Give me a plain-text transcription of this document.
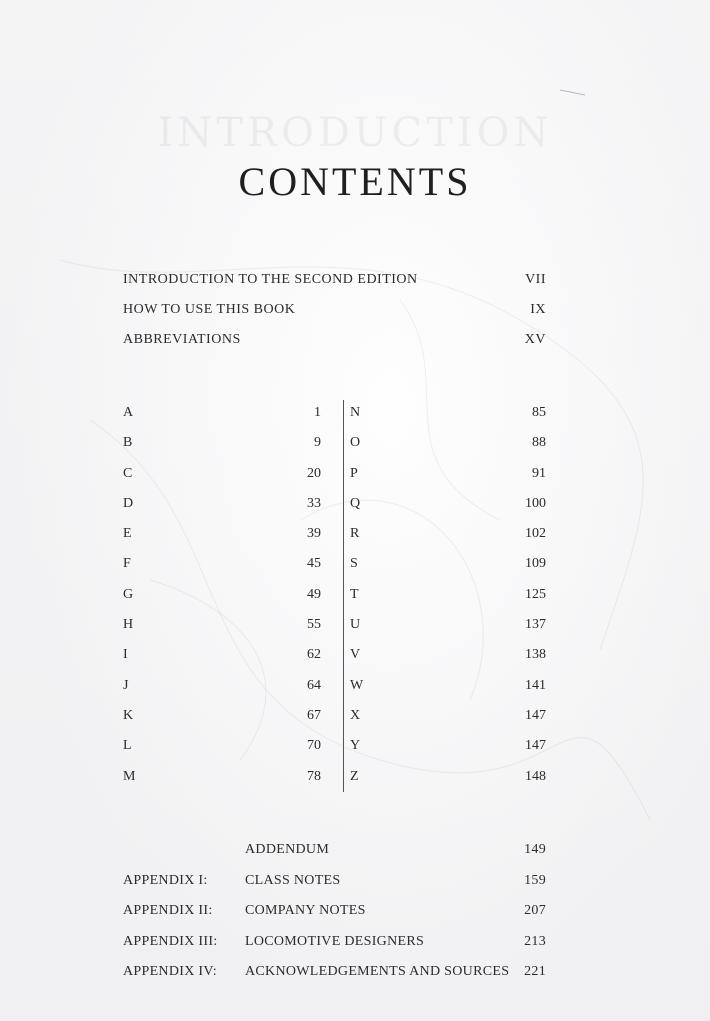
INTRODUCTION
CONTENTS
INTRODUCTION TO THE SECOND EDITION	VII
HOW TO USE THIS BOOK	IX
ABBREVIATIONS	XV
A	1
B	9
C	20
D	33
E	39
F	45
G	49
H	55
I	62
J	64
K	67
L	70
M	78
N	85
O	88
P	91
Q	100
R	102
S	109
T	125
U	137
V	138
W	141
X	147
Y	147
Z	148
ADDENDUM	149
APPENDIX I:	CLASS NOTES	159
APPENDIX II: COMPANY NOTES	207
APPENDIX III: LOCOMOTIVE DESIGNERS	213
APPENDIX IV: ACKNOWLEDGEMENTS AND SOURCES 221
